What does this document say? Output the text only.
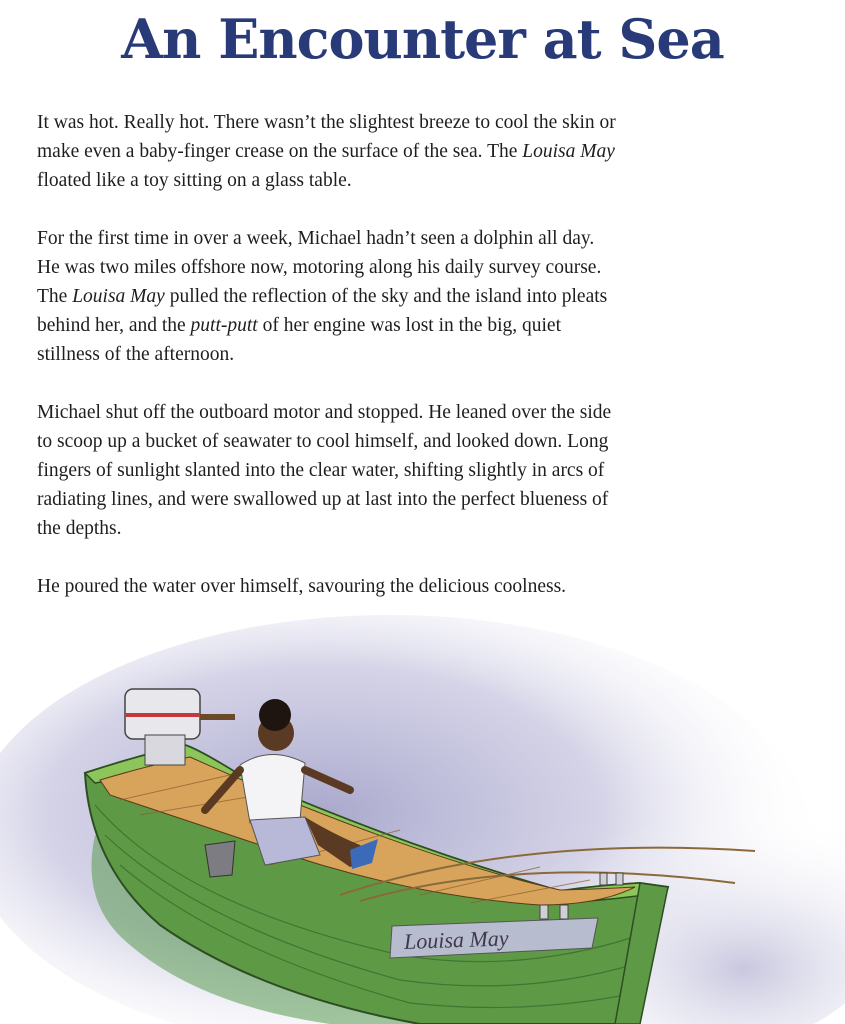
An Encounter at Sea

It was hot. Really hot. There wasn’t the slightest breeze to cool the skin or
make even a baby-finger crease on the surface of the sea. The Louisa May
floated like a toy sitting on a glass table.

For the first time in over a week, Michael hadn’t seen a dolphin all day.
He was two miles offshore now, motoring along his daily survey course.
The Louisa May pulled the reflection of the sky and the island into pleats
behind her, and the putt-putt of her engine was lost in the big, quiet
stillness of the afternoon.

Michael shut off the outboard motor and stopped. He leaned over the side
to scoop up a bucket of seawater to cool himself, and looked down. Long
fingers of sunlight slanted into the clear water, shifting slightly in arcs of
radiating lines, and were swallowed up at last into the perfect blueness of
the depths.

He poured the water over himself, savouring the delicious coolness.

Louisa May
